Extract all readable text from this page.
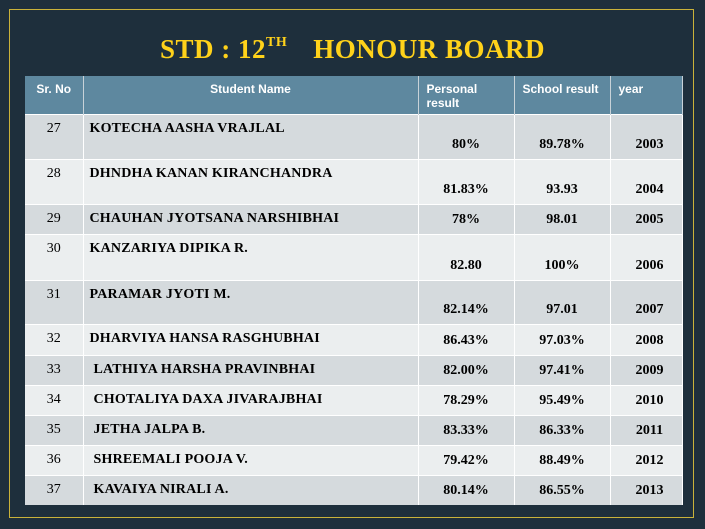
STD : 12TH HONOUR BOARD
Sr. No	Student Name	Personal result	School result	year
27	KOTECHA AASHA VRAJLAL	80%	89.78%	2003
28	DHNDHA KANAN KIRANCHANDRA	81.83%	93.93	2004
29	CHAUHAN JYOTSANA NARSHIBHAI	78%	98.01	2005
30	KANZARIYA DIPIKA R.	82.80	100%	2006
31	PARAMAR JYOTI M.	82.14%	97.01	2007
32	DHARVIYA HANSA RASGHUBHAI	86.43%	97.03%	2008
33	LATHIYA HARSHA PRAVINBHAI	82.00%	97.41%	2009
34	CHOTALIYA DAXA JIVARAJBHAI	78.29%	95.49%	2010
35	JETHA JALPA B.	83.33%	86.33%	2011
36	SHREEMALI POOJA V.	79.42%	88.49%	2012
37	KAVAIYA NIRALI A.	80.14%	86.55%	2013
